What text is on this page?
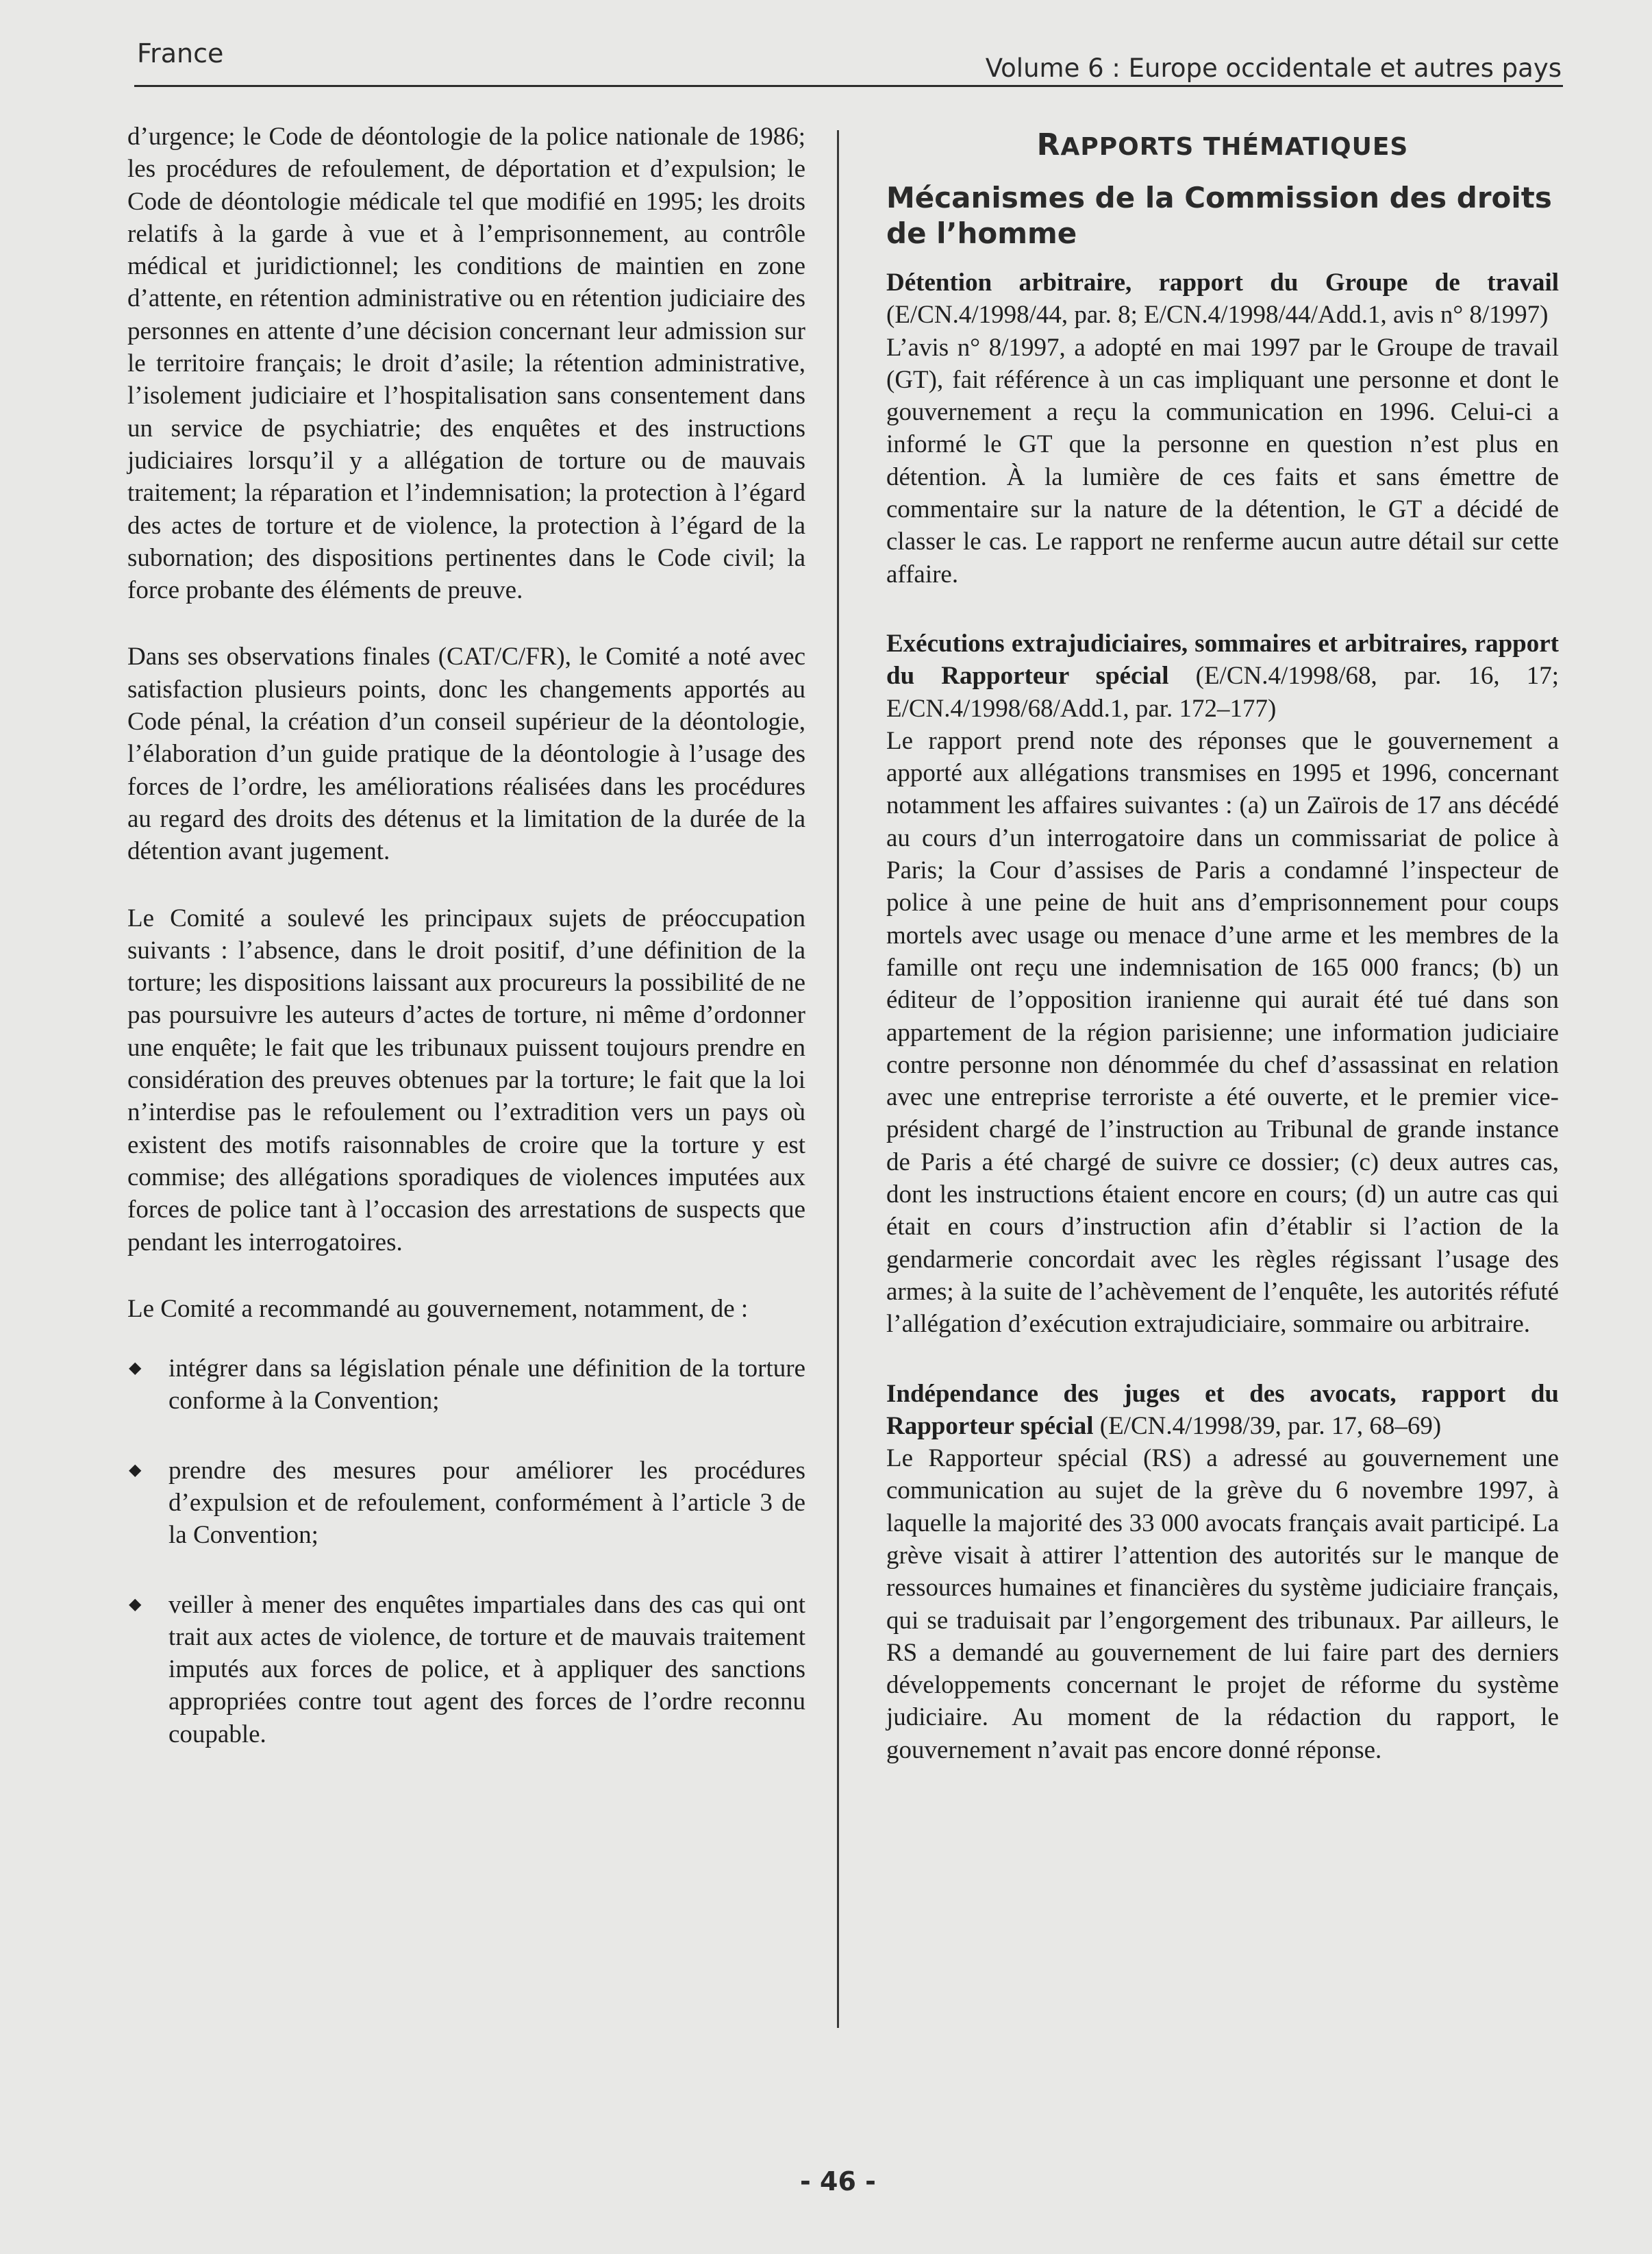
France	Volume 6 : Europe occidentale et autres pays

d’urgence; le Code de déontologie de la police nationale de 1986; les procédures de refoulement, de déportation et d’expulsion; le Code de déontologie médicale tel que modifié en 1995; les droits relatifs à la garde à vue et à l’emprisonnement, au contrôle médical et juridictionnel; les conditions de maintien en zone d’attente, en rétention administrative ou en rétention judiciaire des personnes en attente d’une décision concernant leur admission sur le territoire français; le droit d’asile; la rétention administrative, l’isolement judiciaire et l’hospitalisation sans consentement dans un service de psychiatrie; des enquêtes et des instructions judiciaires lorsqu’il y a allégation de torture ou de mauvais traitement; la réparation et l’indemnisation; la protection à l’égard des actes de torture et de violence, la protection à l’égard de la subornation; des dispositions pertinentes dans le Code civil; la force probante des éléments de preuve.

Dans ses observations finales (CAT/C/FR), le Comité a noté avec satisfaction plusieurs points, donc les changements apportés au Code pénal, la création d’un conseil supérieur de la déontologie, l’élaboration d’un guide pratique de la déontologie à l’usage des forces de l’ordre, les améliorations réalisées dans les procédures au regard des droits des détenus et la limitation de la durée de la détention avant jugement.

Le Comité a soulevé les principaux sujets de préoccupation suivants : l’absence, dans le droit positif, d’une définition de la torture; les dispositions laissant aux procureurs la possibilité de ne pas poursuivre les auteurs d’actes de torture, ni même d’ordonner une enquête; le fait que les tribunaux puissent toujours prendre en considération des preuves obtenues par la torture; le fait que la loi n’interdise pas le refoulement ou l’extradition vers un pays où existent des motifs raisonnables de croire que la torture y est commise; des allégations sporadiques de violences imputées aux forces de police tant à l’occasion des arrestations de suspects que pendant les interrogatoires.

Le Comité a recommandé au gouvernement, notamment, de :

◆ intégrer dans sa législation pénale une définition de la torture conforme à la Convention;
◆ prendre des mesures pour améliorer les procédures d’expulsion et de refoulement, conformément à l’article 3 de la Convention;
◆ veiller à mener des enquêtes impartiales dans des cas qui ont trait aux actes de violence, de torture et de mauvais traitement imputés aux forces de police, et à appliquer des sanctions appropriées contre tout agent des forces de l’ordre reconnu coupable.
RAPPORTS THÉMATIQUES
Mécanismes de la Commission des droits de l’homme

Détention arbitraire, rapport du Groupe de travail (E/CN.4/1998/44, par. 8; E/CN.4/1998/44/Add.1, avis n° 8/1997)

L’avis n° 8/1997, a adopté en mai 1997 par le Groupe de travail (GT), fait référence à un cas impliquant une personne et dont le gouvernement a reçu la communication en 1996. Celui-ci a informé le GT que la personne en question n’est plus en détention. À la lumière de ces faits et sans émettre de commentaire sur la nature de la détention, le GT a décidé de classer le cas. Le rapport ne renferme aucun autre détail sur cette affaire.

Exécutions extrajudiciaires, sommaires et arbitraires, rapport du Rapporteur spécial (E/CN.4/1998/68, par. 16, 17; E/CN.4/1998/68/Add.1, par. 172–177)

Le rapport prend note des réponses que le gouvernement a apporté aux allégations transmises en 1995 et 1996, concernant notamment les affaires suivantes : (a) un Zaïrois de 17 ans décédé au cours d’un interrogatoire dans un commissariat de police à Paris; la Cour d’assises de Paris a condamné l’inspecteur de police à une peine de huit ans d’emprisonnement pour coups mortels avec usage ou menace d’une arme et les membres de la famille ont reçu une indemnisation de 165 000 francs; (b) un éditeur de l’opposition iranienne qui aurait été tué dans son appartement de la région parisienne; une information judiciaire contre personne non dénommée du chef d’assassinat en relation avec une entreprise terroriste a été ouverte, et le premier vice-président chargé de l’instruction au Tribunal de grande instance de Paris a été chargé de suivre ce dossier; (c) deux autres cas, dont les instructions étaient encore en cours; (d) un autre cas qui était en cours d’instruction afin d’établir si l’action de la gendarmerie concordait avec les règles régissant l’usage des armes; à la suite de l’achèvement de l’enquête, les autorités réfuté l’allégation d’exécution extrajudiciaire, sommaire ou arbitraire.

Indépendance des juges et des avocats, rapport du Rapporteur spécial (E/CN.4/1998/39, par. 17, 68–69)

Le Rapporteur spécial (RS) a adressé au gouvernement une communication au sujet de la grève du 6 novembre 1997, à laquelle la majorité des 33 000 avocats français avait participé. La grève visait à attirer l’attention des autorités sur le manque de ressources humaines et financières du système judiciaire français, qui se traduisait par l’engorgement des tribunaux. Par ailleurs, le RS a demandé au gouvernement de lui faire part des derniers développements concernant le projet de réforme du système judiciaire. Au moment de la rédaction du rapport, le gouvernement n’avait pas encore donné réponse.

- 46 -
